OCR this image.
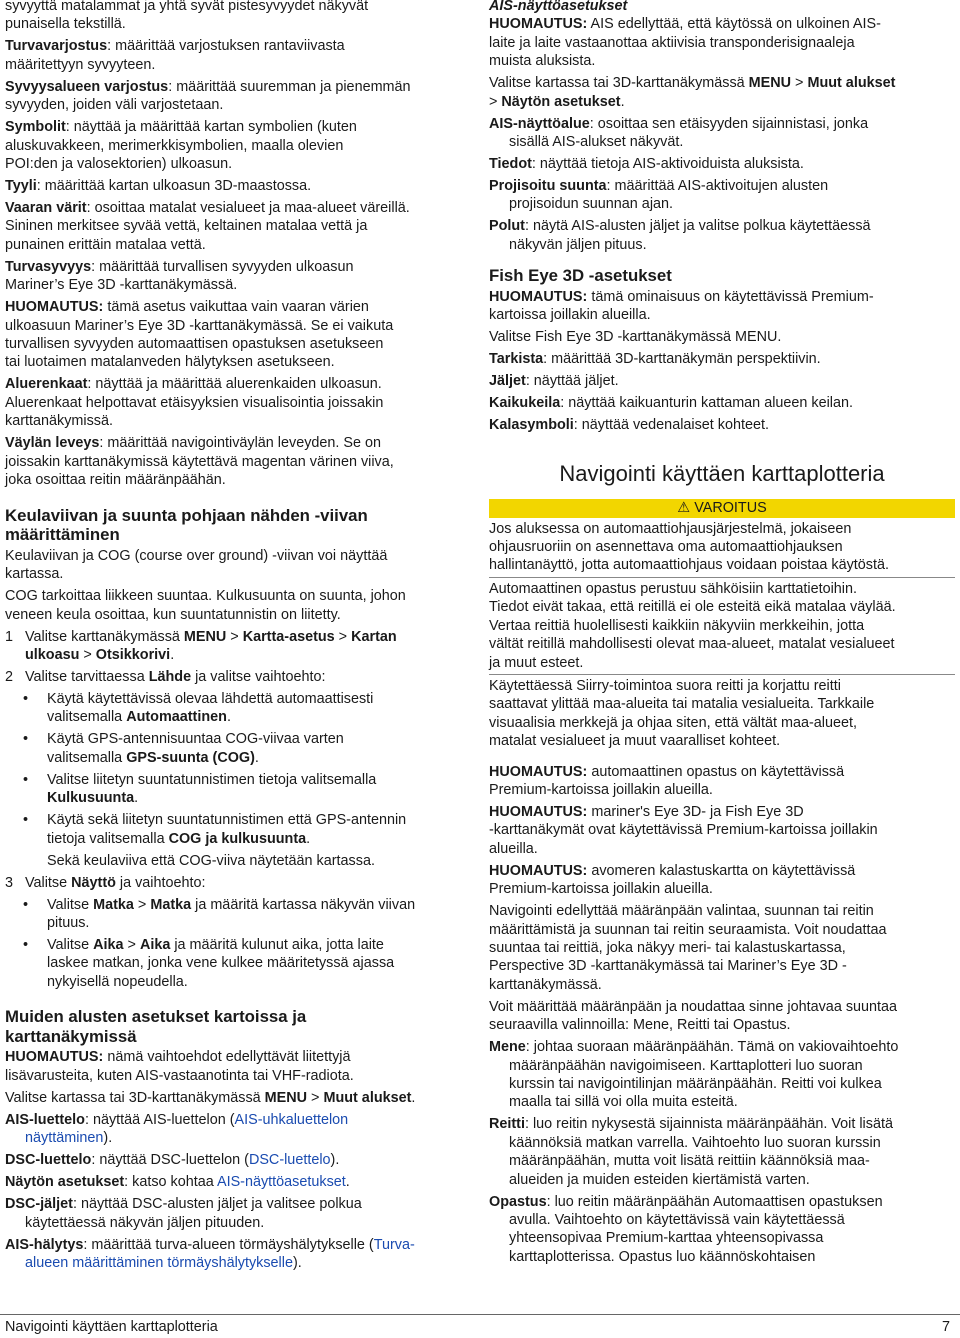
syvyyttä matalammat ja yhtä syvät pistesyvyydet näkyvät
punaisella tekstillä.

Turvavarjostus: määrittää varjostuksen rantaviivasta
määritettyyn syvyyteen.

Syvyysalueen varjostus: määrittää suuremman ja pienemmän
syvyyden, joiden väli varjostetaan.

Symbolit: näyttää ja määrittää kartan symbolien (kuten
aluskuvakkeen, merimerkkisymbolien, maalla olevien
POI:den ja valosektorien) ulkoasun.

Tyyli: määrittää kartan ulkoasun 3D-maastossa.

Vaaran värit: osoittaa matalat vesialueet ja maa-alueet väreillä.
Sininen merkitsee syvää vettä, keltainen matalaa vettä ja
punainen erittäin matalaa vettä.

Turvasyvyys: määrittää turvallisen syvyyden ulkoasun
Mariner’s Eye 3D -karttanäkymässä.

HUOMAUTUS: tämä asetus vaikuttaa vain vaaran värien
ulkoasuun Mariner’s Eye 3D -karttanäkymässä. Se ei vaikuta
turvallisen syvyyden automaattisen opastuksen asetukseen
tai luotaimen matalanveden hälytyksen asetukseen.

Aluerenkaat: näyttää ja määrittää aluerenkaiden ulkoasun.
Aluerenkaat helpottavat etäisyyksien visualisointia joissakin
karttanäkymissä.

Väylän leveys: määrittää navigointiväylän leveyden. Se on
joissakin karttanäkymissä käytettävä magentan värinen viiva,
joka osoittaa reitin määränpäähän.

Keulaviivan ja suunta pohjaan nähden -viivan
määrittäminen

Keulaviivan ja COG (course over ground) -viivan voi näyttää
kartassa.

COG tarkoittaa liikkeen suuntaa. Kulkusuunta on suunta, johon
veneen keula osoittaa, kun suuntatunnistin on liitetty.

1 Valitse karttanäkymässä MENU > Kartta-asetus > Kartan
ulkoasu > Otsikkorivi.

2 Valitse tarvittaessa Lähde ja valitse vaihtoehto:

• Käytä käytettävissä olevaa lähdettä automaattisesti
valitsemalla Automaattinen.

• Käytä GPS-antennisuuntaa COG-viivaa varten
valitsemalla GPS-suunta (COG).

• Valitse liitetyn suuntatunnistimen tietoja valitsemalla
Kulkusuunta.

• Käytä sekä liitetyn suuntatunnistimen että GPS-antennin
tietoja valitsemalla COG ja kulkusuunta.

Sekä keulaviiva että COG-viiva näytetään kartassa.

3 Valitse Näyttö ja vaihtoehto:

• Valitse Matka > Matka ja määritä kartassa näkyvän viivan
pituus.

• Valitse Aika > Aika ja määritä kulunut aika, jotta laite
laskee matkan, jonka vene kulkee määritetyssä ajassa
nykyisellä nopeudella.

Muiden alusten asetukset kartoissa ja
karttanäkymissä

HUOMAUTUS: nämä vaihtoehdot edellyttävät liitettyjä
lisävarusteita, kuten AIS-vastaanotinta tai VHF-radiota.

Valitse kartassa tai 3D-karttanäkymässä MENU > Muut alukset.

AIS-luettelo: näyttää AIS-luettelon (AIS-uhkaluettelon
näyttäminen).

DSC-luettelo: näyttää DSC-luettelon (DSC-luettelo).

Näytön asetukset: katso kohtaa AIS-näyttöasetukset.

DSC-jäljet: näyttää DSC-alusten jäljet ja valitsee polkua
käytettäessä näkyvän jäljen pituuden.

AIS-hälytys: määrittää turva-alueen törmäyshälytykselle (Turva-
alueen määrittäminen törmäyshälytykselle).

AIS-näyttöasetukset

HUOMAUTUS: AIS edellyttää, että käytössä on ulkoinen AIS-
laite ja laite vastaanottaa aktiivisia transponderisignaaleja
muista aluksista.

Valitse kartassa tai 3D-karttanäkymässä MENU > Muut alukset
> Näytön asetukset.

AIS-näyttöalue: osoittaa sen etäisyyden sijainnistasi, jonka
sisällä AIS-alukset näkyvät.

Tiedot: näyttää tietoja AIS-aktivoiduista aluksista.

Projisoitu suunta: määrittää AIS-aktivoitujen alusten
projisoidun suunnan ajan.

Polut: näytä AIS-alusten jäljet ja valitse polkua käytettäessä
näkyvän jäljen pituus.

Fish Eye 3D -asetukset

HUOMAUTUS: tämä ominaisuus on käytettävissä Premium-
kartoissa joillakin alueilla.

Valitse Fish Eye 3D -karttanäkymässä MENU.

Tarkista: määrittää 3D-karttanäkymän perspektiivin.

Jäljet: näyttää jäljet.

Kaikukeila: näyttää kaikuanturin kattaman alueen keilan.

Kalasymboli: näyttää vedenalaiset kohteet.

Navigointi käyttäen karttaplotteria

⚠ VAROITUS

Jos aluksessa on automaattiohjausjärjestelmä, jokaiseen
ohjausruoriin on asennettava oma automaattiohjauksen
hallintanäyttö, jotta automaattiohjaus voidaan poistaa käytöstä.

Automaattinen opastus perustuu sähköisiin karttatietoihin.
Tiedot eivät takaa, että reitillä ei ole esteitä eikä matalaa väylää.
Vertaa reittiä huolellisesti kaikkiin näkyviin merkkeihin, jotta
vältät reitillä mahdollisesti olevat maa-alueet, matalat vesialueet
ja muut esteet.

Käytettäessä Siirry-toimintoa suora reitti ja korjattu reitti
saattavat ylittää maa-alueita tai matalia vesialueita. Tarkkaile
visuaalisia merkkejä ja ohjaa siten, että vältät maa-alueet,
matalat vesialueet ja muut vaaralliset kohteet.

HUOMAUTUS: automaattinen opastus on käytettävissä
Premium-kartoissa joillakin alueilla.

HUOMAUTUS: mariner's Eye 3D- ja Fish Eye 3D
-karttanäkymät ovat käytettävissä Premium-kartoissa joillakin
alueilla.

HUOMAUTUS: avomeren kalastuskartta on käytettävissä
Premium-kartoissa joillakin alueilla.

Navigointi edellyttää määränpään valintaa, suunnan tai reitin
määrittämistä ja suunnan tai reitin seuraamista. Voit noudattaa
suuntaa tai reittiä, joka näkyy meri- tai kalastuskartassa,
Perspective 3D -karttanäkymässä tai Mariner’s Eye 3D -
karttanäkymässä.

Voit määrittää määränpään ja noudattaa sinne johtavaa suuntaa
seuraavilla valinnoilla: Mene, Reitti tai Opastus.

Mene: johtaa suoraan määränpäähän. Tämä on vakiovaihtoehto
määränpäähän navigoimiseen. Karttaplotteri luo suoran
kurssin tai navigointilinjan määränpäähän. Reitti voi kulkea
maalla tai sillä voi olla muita esteitä.

Reitti: luo reitin nykysestä sijainnista määränpäähän. Voit lisätä
käännöksiä matkan varrella. Vaihtoehto luo suoran kurssin
määränpäähän, mutta voit lisätä reittiin käännöksiä maa-
alueiden ja muiden esteiden kiertämistä varten.

Opastus: luo reitin määränpäähän Automaattisen opastuksen
avulla. Vaihtoehto on käytettävissä vain käytettäessä
yhteensopivaa Premium-karttaa yhteensopivassa
karttaplotterissa. Opastus luo käännöskohtaisen

Navigointi käyttäen karttaplotteria	7
